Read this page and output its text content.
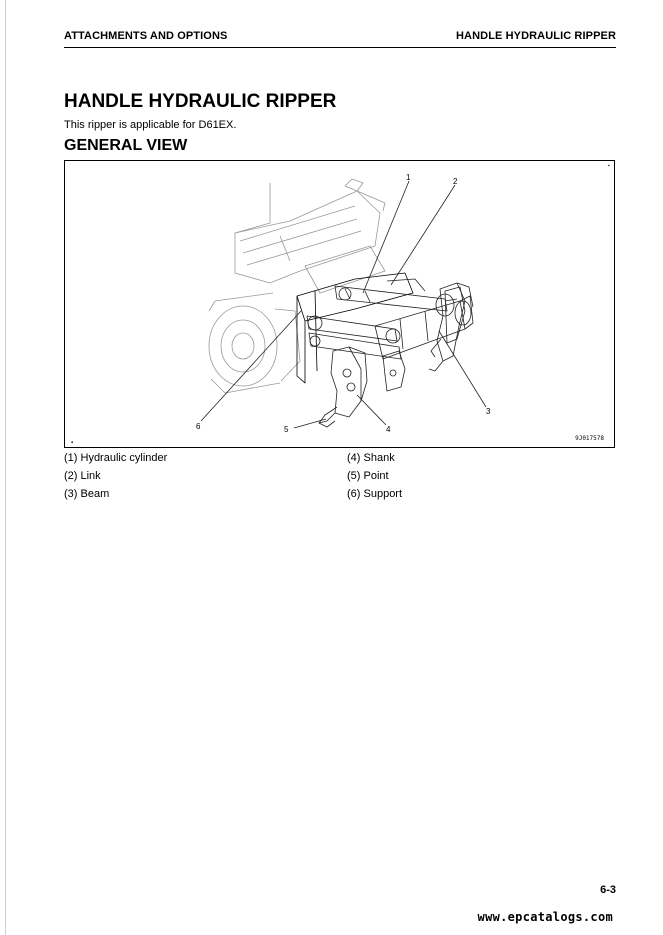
ATTACHMENTS AND OPTIONS	HANDLE HYDRAULIC RIPPER
HANDLE HYDRAULIC RIPPER
This ripper is applicable for D61EX.
GENERAL VIEW
1	2
3
4
5
6
▪
▪
9J017578
(1) Hydraulic cylinder
(2) Link
(3) Beam
(4) Shank
(5) Point
(6) Support
6-3
www.epcatalogs.com
